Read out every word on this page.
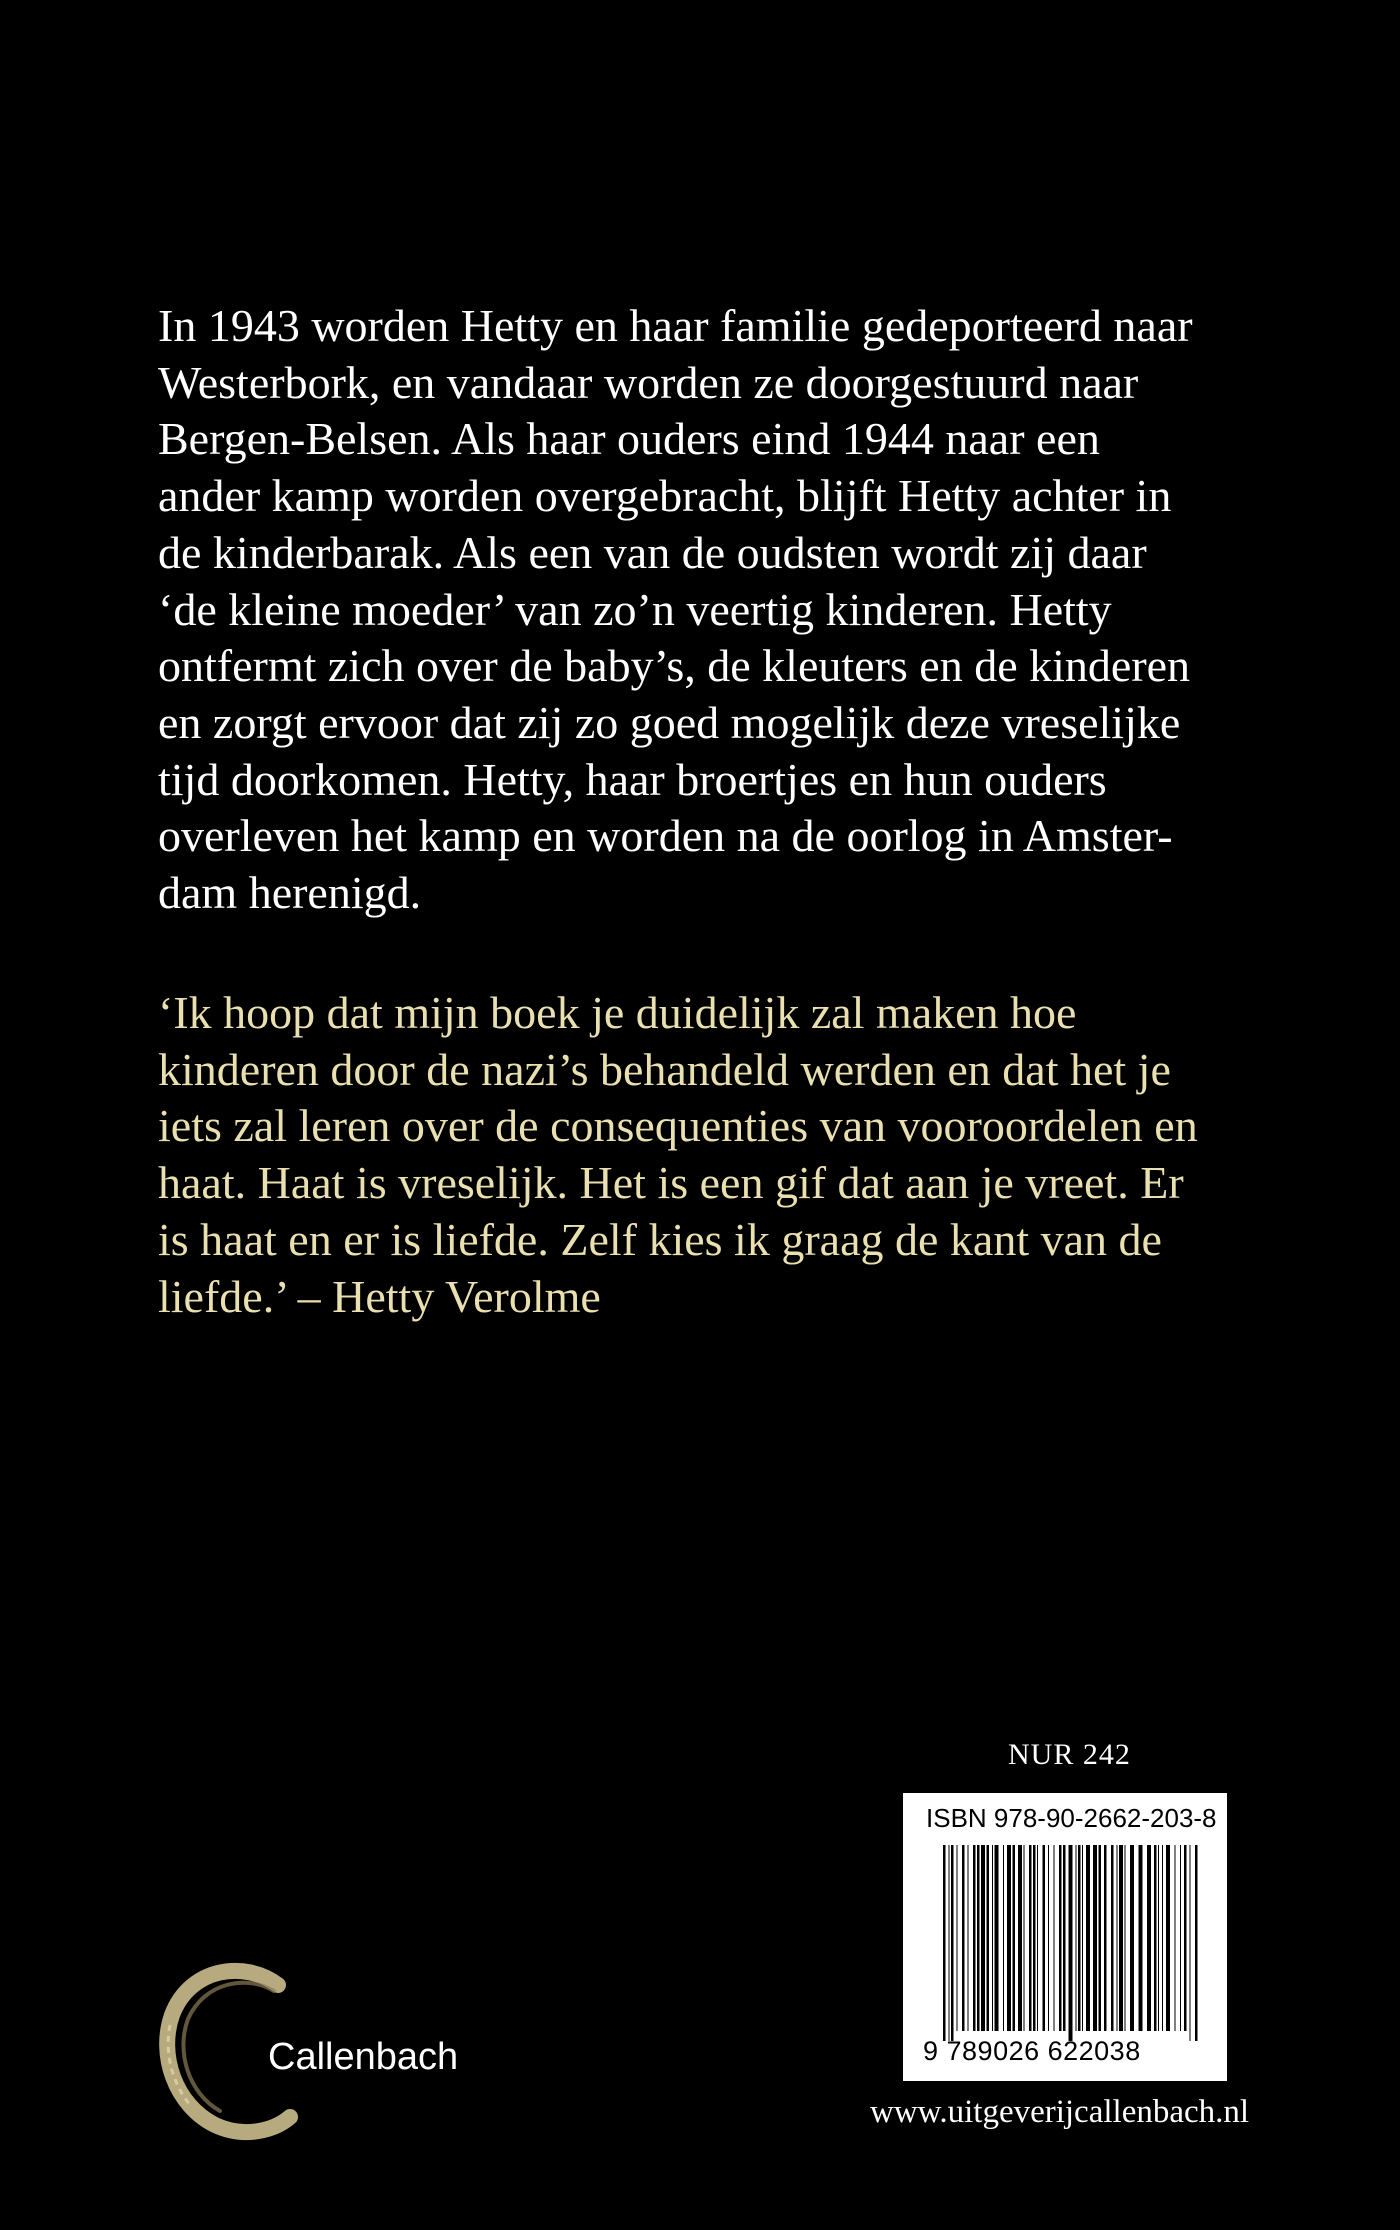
In 1943 worden Hetty en haar familie gedeporteerd naar
Westerbork, en vandaar worden ze doorgestuurd naar
Bergen-Belsen. Als haar ouders eind 1944 naar een
ander kamp worden overgebracht, blijft Hetty achter in
de kinderbarak. Als een van de oudsten wordt zij daar
‘de kleine moeder’ van zo’n veertig kinderen. Hetty
ontfermt zich over de baby’s, de kleuters en de kinderen
en zorgt ervoor dat zij zo goed mogelijk deze vreselijke
tijd doorkomen. Hetty, haar broertjes en hun ouders
overleven het kamp en worden na de oorlog in Amster-
dam herenigd.

‘Ik hoop dat mijn boek je duidelijk zal maken hoe
kinderen door de nazi’s behandeld werden en dat het je
iets zal leren over de consequenties van vooroordelen en
haat. Haat is vreselijk. Het is een gif dat aan je vreet. Er
is haat en er is liefde. Zelf kies ik graag de kant van de
liefde.’ – Hetty Verolme

NUR 242
ISBN 978-90-2662-203-8
9 789026 622038
Callenbach
www.uitgeverijcallenbach.nl
